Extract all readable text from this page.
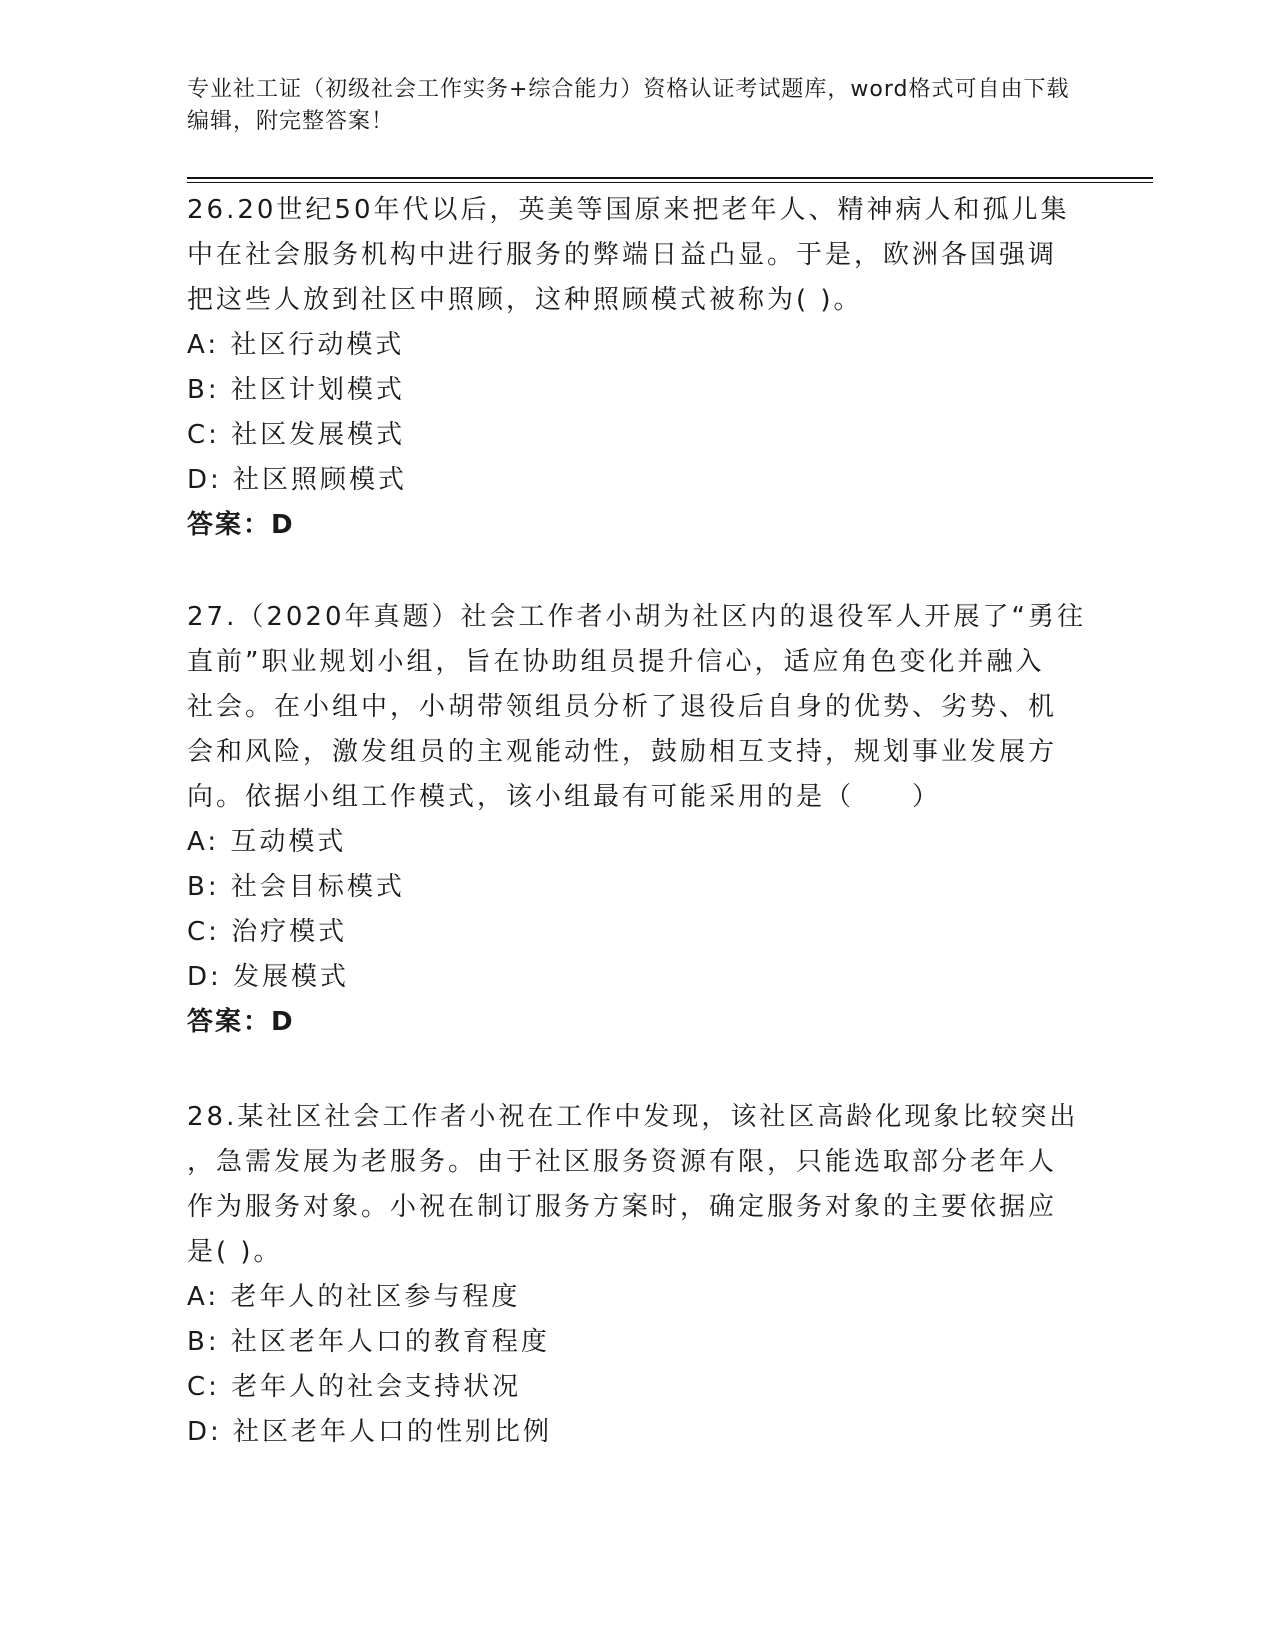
专业社工证（初级社会工作实务+综合能力）资格认证考试题库，word格式可自由下载编辑，附完整答案！
26.20世纪50年代以后，英美等国原来把老年人、精神病人和孤儿集
中在社会服务机构中进行服务的弊端日益凸显。于是，欧洲各国强调
把这些人放到社区中照顾，这种照顾模式被称为( )。
A: 社区行动模式
B: 社区计划模式
C: 社区发展模式
D: 社区照顾模式
答案：D
27.（2020年真题）社会工作者小胡为社区内的退役军人开展了“勇往
直前”职业规划小组，旨在协助组员提升信心，适应角色变化并融入
社会。在小组中，小胡带领组员分析了退役后自身的优势、劣势、机
会和风险，激发组员的主观能动性，鼓励相互支持，规划事业发展方
向。依据小组工作模式，该小组最有可能采用的是（　　）
A: 互动模式
B: 社会目标模式
C: 治疗模式
D: 发展模式
答案：D
28.某社区社会工作者小祝在工作中发现，该社区高龄化现象比较突出
，急需发展为老服务。由于社区服务资源有限，只能选取部分老年人
作为服务对象。小祝在制订服务方案时，确定服务对象的主要依据应
是( )。
A: 老年人的社区参与程度
B: 社区老年人口的教育程度
C: 老年人的社会支持状况
D: 社区老年人口的性别比例
